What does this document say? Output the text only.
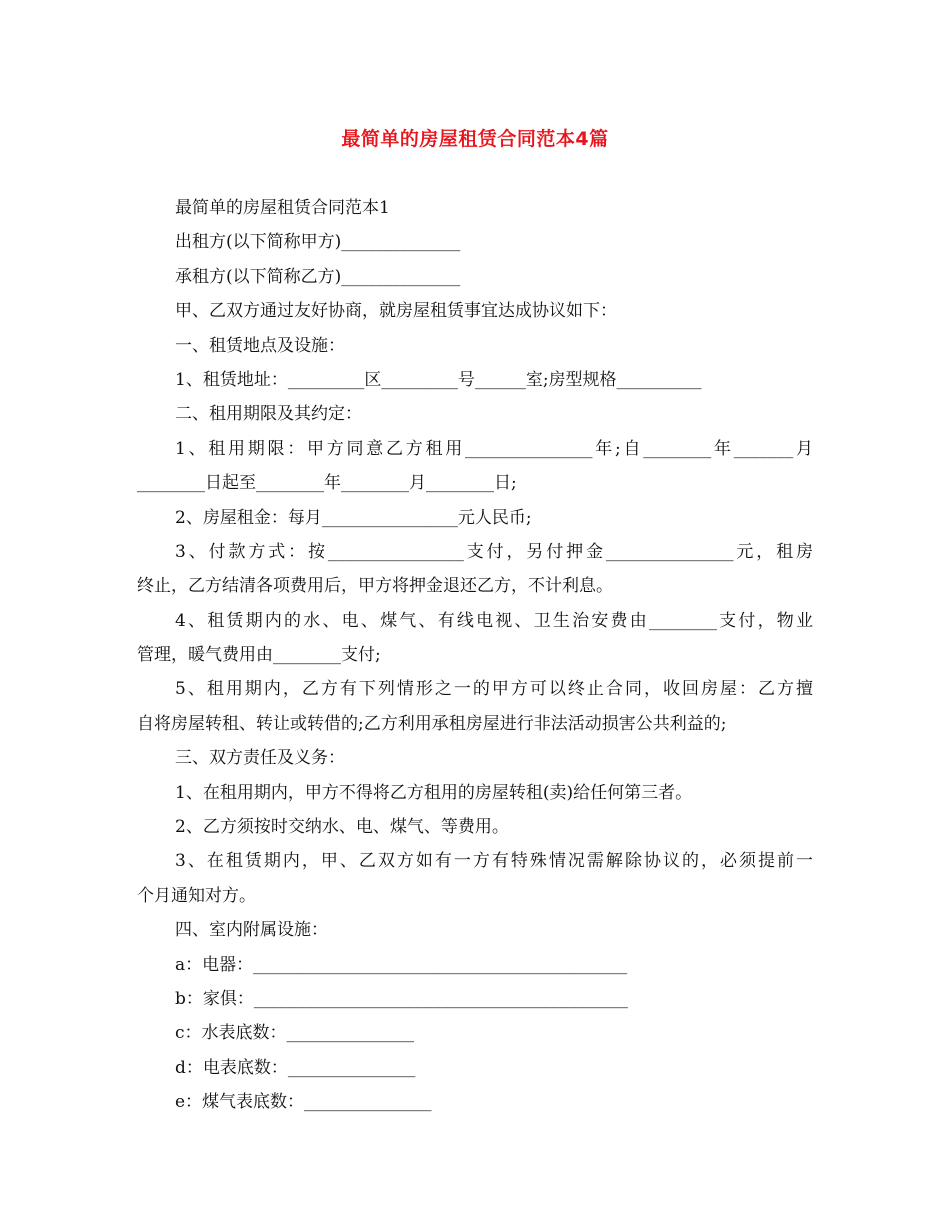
最简单的房屋租赁合同范本4篇
最简单的房屋租赁合同范本1
出租方(以下简称甲方)______________
承租方(以下简称乙方)______________
甲、乙双方通过友好协商，就房屋租赁事宜达成协议如下：
一、租赁地点及设施：
1、租赁地址：_________区_________号______室;房型规格__________
二、租用期限及其约定：
1、租用期限：甲方同意乙方租用_______________年;自________年_______月
________日起至________年________月________日;
2、房屋租金：每月________________元人民币;
3、付款方式：按________________支付，另付押金_______________元，租房
终止，乙方结清各项费用后，甲方将押金退还乙方，不计利息。
4、租赁期内的水、电、煤气、有线电视、卫生治安费由________支付，物业
管理，暖气费用由________支付;
5、租用期内，乙方有下列情形之一的甲方可以终止合同，收回房屋：乙方擅
自将房屋转租、转让或转借的;乙方利用承租房屋进行非法活动损害公共利益的;
三、双方责任及义务：
1、在租用期内，甲方不得将乙方租用的房屋转租(卖)给任何第三者。
2、乙方须按时交纳水、电、煤气、等费用。
3、在租赁期内，甲、乙双方如有一方有特殊情况需解除协议的，必须提前一
个月通知对方。
四、室内附属设施：
a：电器：____________________________________________
b：家俱：____________________________________________
c：水表底数：_______________
d：电表底数：_______________
e：煤气表底数：_______________
